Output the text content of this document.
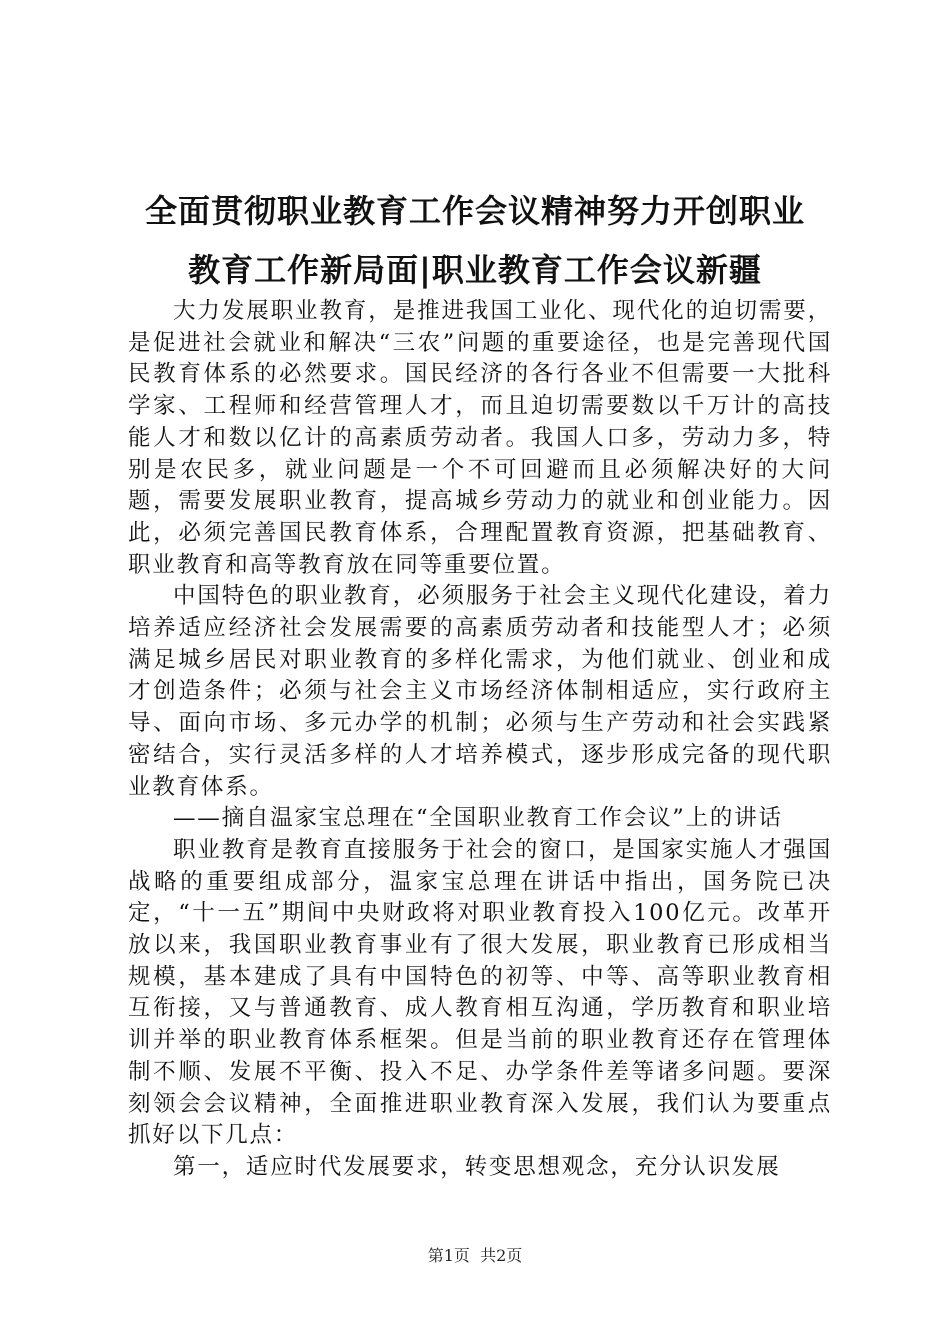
全面贯彻职业教育工作会议精神努力开创职业
教育工作新局面|职业教育工作会议新疆

大力发展职业教育，是推进我国工业化、现代化的迫切需要，是促进社会就业和解决“三农”问题的重要途径，也是完善现代国民教育体系的必然要求。国民经济的各行各业不但需要一大批科学家、工程师和经营管理人才，而且迫切需要数以千万计的高技能人才和数以亿计的高素质劳动者。我国人口多，劳动力多，特别是农民多，就业问题是一个不可回避而且必须解决好的大问题，需要发展职业教育，提高城乡劳动力的就业和创业能力。因此，必须完善国民教育体系，合理配置教育资源，把基础教育、职业教育和高等教育放在同等重要位置。

中国特色的职业教育，必须服务于社会主义现代化建设，着力培养适应经济社会发展需要的高素质劳动者和技能型人才；必须满足城乡居民对职业教育的多样化需求，为他们就业、创业和成才创造条件；必须与社会主义市场经济体制相适应，实行政府主导、面向市场、多元办学的机制；必须与生产劳动和社会实践紧密结合，实行灵活多样的人才培养模式，逐步形成完备的现代职业教育体系。

——摘自温家宝总理在“全国职业教育工作会议”上的讲话

职业教育是教育直接服务于社会的窗口，是国家实施人才强国战略的重要组成部分，温家宝总理在讲话中指出，国务院已决定，“十一五”期间中央财政将对职业教育投入100亿元。改革开放以来，我国职业教育事业有了很大发展，职业教育已形成相当规模，基本建成了具有中国特色的初等、中等、高等职业教育相互衔接，又与普通教育、成人教育相互沟通，学历教育和职业培训并举的职业教育体系框架。但是当前的职业教育还存在管理体制不顺、发展不平衡、投入不足、办学条件差等诸多问题。要深刻领会会议精神，全面推进职业教育深入发展，我们认为要重点抓好以下几点：

第一，适应时代发展要求，转变思想观念，充分认识发展

第1页  共2页
